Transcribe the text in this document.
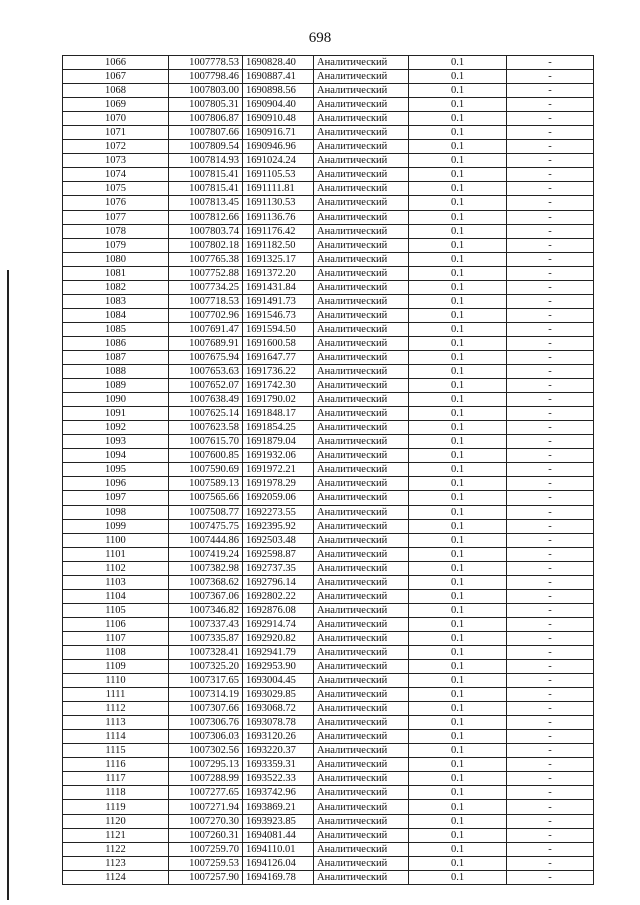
698
1066	1007778.53	1690828.40	Аналитический	0.1	-
1067	1007798.46	1690887.41	Аналитический	0.1	-
1068	1007803.00	1690898.56	Аналитический	0.1	-
1069	1007805.31	1690904.40	Аналитический	0.1	-
1070	1007806.87	1690910.48	Аналитический	0.1	-
1071	1007807.66	1690916.71	Аналитический	0.1	-
1072	1007809.54	1690946.96	Аналитический	0.1	-
1073	1007814.93	1691024.24	Аналитический	0.1	-
1074	1007815.41	1691105.53	Аналитический	0.1	-
1075	1007815.41	1691111.81	Аналитический	0.1	-
1076	1007813.45	1691130.53	Аналитический	0.1	-
1077	1007812.66	1691136.76	Аналитический	0.1	-
1078	1007803.74	1691176.42	Аналитический	0.1	-
1079	1007802.18	1691182.50	Аналитический	0.1	-
1080	1007765.38	1691325.17	Аналитический	0.1	-
1081	1007752.88	1691372.20	Аналитический	0.1	-
1082	1007734.25	1691431.84	Аналитический	0.1	-
1083	1007718.53	1691491.73	Аналитический	0.1	-
1084	1007702.96	1691546.73	Аналитический	0.1	-
1085	1007691.47	1691594.50	Аналитический	0.1	-
1086	1007689.91	1691600.58	Аналитический	0.1	-
1087	1007675.94	1691647.77	Аналитический	0.1	-
1088	1007653.63	1691736.22	Аналитический	0.1	-
1089	1007652.07	1691742.30	Аналитический	0.1	-
1090	1007638.49	1691790.02	Аналитический	0.1	-
1091	1007625.14	1691848.17	Аналитический	0.1	-
1092	1007623.58	1691854.25	Аналитический	0.1	-
1093	1007615.70	1691879.04	Аналитический	0.1	-
1094	1007600.85	1691932.06	Аналитический	0.1	-
1095	1007590.69	1691972.21	Аналитический	0.1	-
1096	1007589.13	1691978.29	Аналитический	0.1	-
1097	1007565.66	1692059.06	Аналитический	0.1	-
1098	1007508.77	1692273.55	Аналитический	0.1	-
1099	1007475.75	1692395.92	Аналитический	0.1	-
1100	1007444.86	1692503.48	Аналитический	0.1	-
1101	1007419.24	1692598.87	Аналитический	0.1	-
1102	1007382.98	1692737.35	Аналитический	0.1	-
1103	1007368.62	1692796.14	Аналитический	0.1	-
1104	1007367.06	1692802.22	Аналитический	0.1	-
1105	1007346.82	1692876.08	Аналитический	0.1	-
1106	1007337.43	1692914.74	Аналитический	0.1	-
1107	1007335.87	1692920.82	Аналитический	0.1	-
1108	1007328.41	1692941.79	Аналитический	0.1	-
1109	1007325.20	1692953.90	Аналитический	0.1	-
1110	1007317.65	1693004.45	Аналитический	0.1	-
1111	1007314.19	1693029.85	Аналитический	0.1	-
1112	1007307.66	1693068.72	Аналитический	0.1	-
1113	1007306.76	1693078.78	Аналитический	0.1	-
1114	1007306.03	1693120.26	Аналитический	0.1	-
1115	1007302.56	1693220.37	Аналитический	0.1	-
1116	1007295.13	1693359.31	Аналитический	0.1	-
1117	1007288.99	1693522.33	Аналитический	0.1	-
1118	1007277.65	1693742.96	Аналитический	0.1	-
1119	1007271.94	1693869.21	Аналитический	0.1	-
1120	1007270.30	1693923.85	Аналитический	0.1	-
1121	1007260.31	1694081.44	Аналитический	0.1	-
1122	1007259.70	1694110.01	Аналитический	0.1	-
1123	1007259.53	1694126.04	Аналитический	0.1	-
1124	1007257.90	1694169.78	Аналитический	0.1	-
